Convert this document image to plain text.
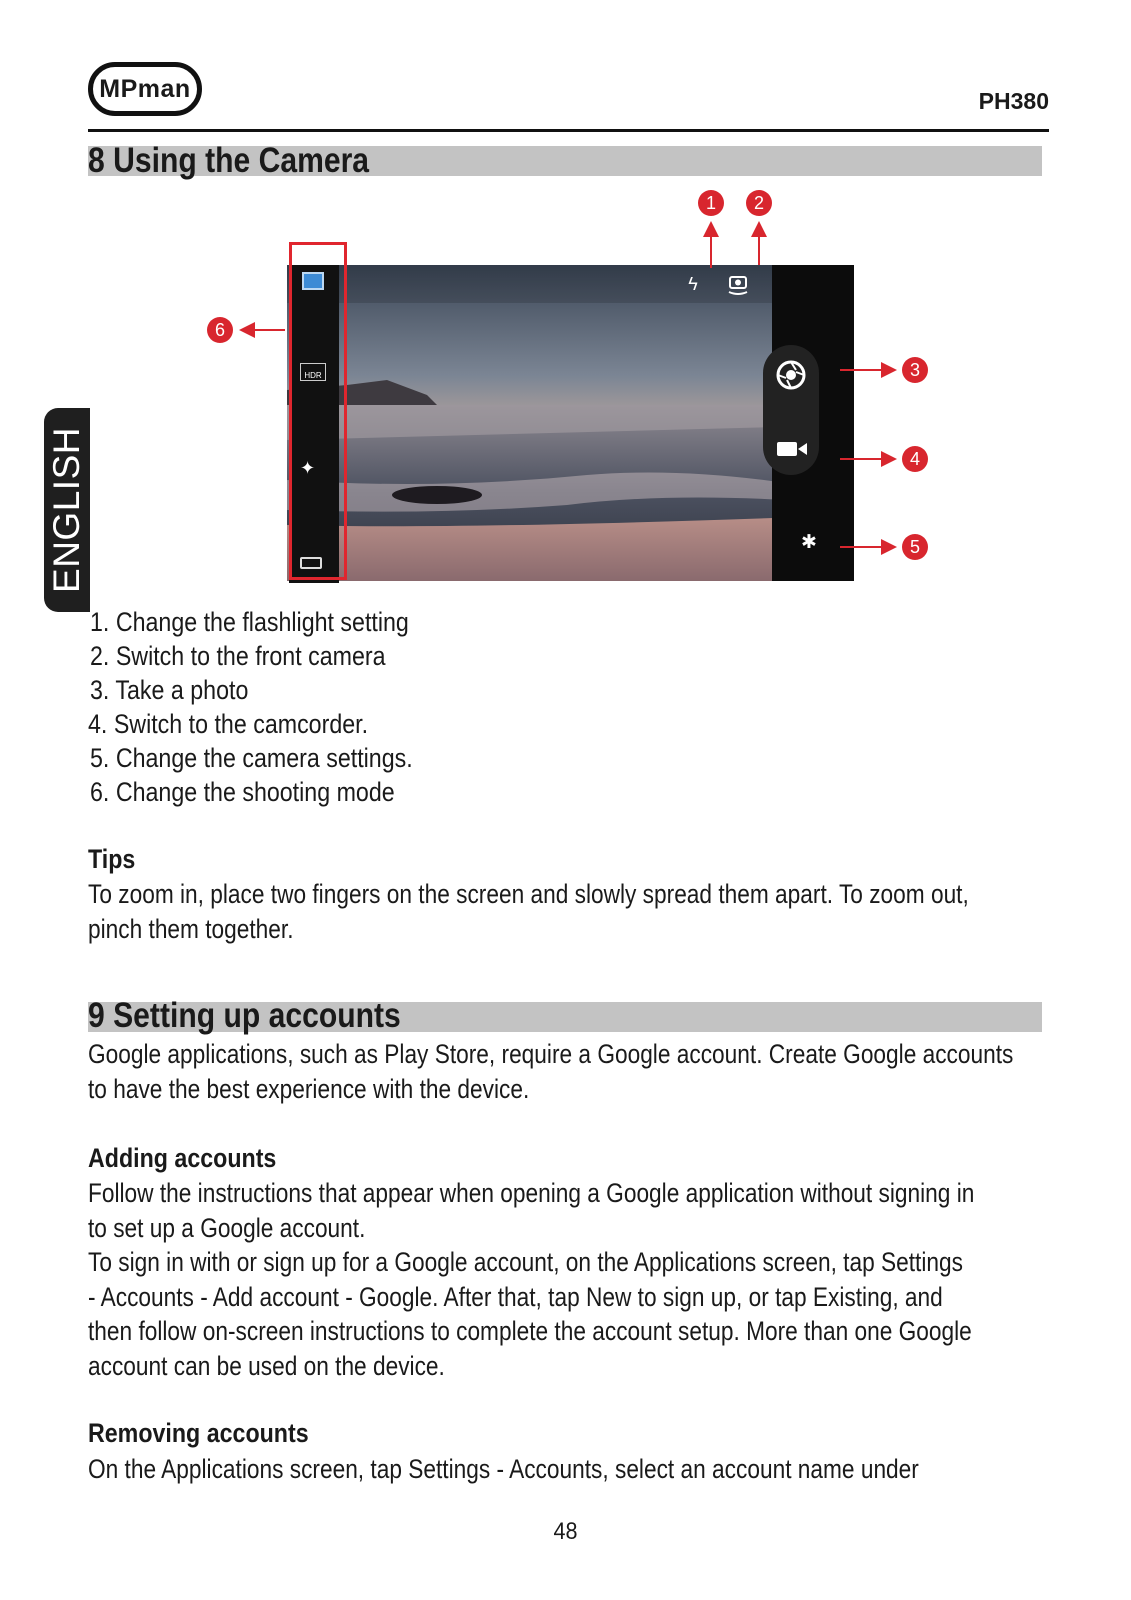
MPman	PH380
ENGLISH
8 Using the Camera
ϟ
✱
HDR
✦
1	2
3
4
5
6
1. Change the flashlight setting
2. Switch to the front camera
3. Take a photo
4. Switch to the camcorder.
5. Change the camera settings.
6. Change the shooting mode
Tips
To zoom in, place two fingers on the screen and slowly spread them apart. To zoom out,
pinch them together.
9 Setting up accounts
Google applications, such as Play Store, require a Google account. Create Google accounts
to have the best experience with the device.
Adding accounts
Follow the instructions that appear when opening a Google application without signing in
to set up a Google account.
To sign in with or sign up for a Google account, on the Applications screen, tap Settings
- Accounts - Add account - Google. After that, tap New to sign up, or tap Existing, and
then follow on-screen instructions to complete the account setup. More than one Google
account can be used on the device.
Removing accounts
On the Applications screen, tap Settings - Accounts, select an account name under
48
